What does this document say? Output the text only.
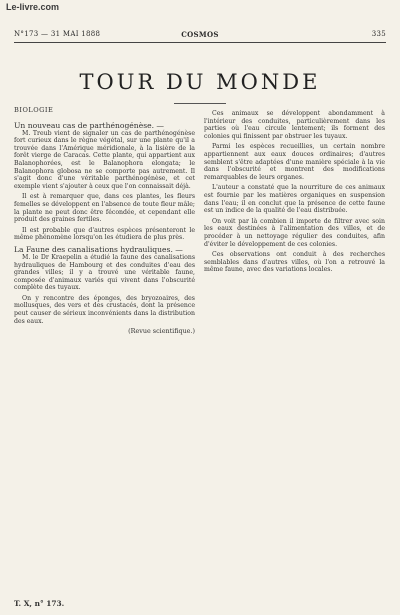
Le-livre.com
N°173 — 31 MAI 1888	COSMOS	335
TOUR DU MONDE
BIOLOGIE
Un nouveau cas de parthénogénèse. —

M. Treub vient de signaler un cas de parthénogénèse fort curieux dans le règne végétal, sur une plante qu'il a trouvée dans l'Amérique méridionale, à la lisière de la forêt vierge de Caracas. Cette plante, qui appartient aux Balanophorées, est le Balanophora elongata; le Balanophora globosa ne se comporte pas autrement. Il s'agit donc d'une véritable parthénogénèse, et cet exemple vient s'ajouter à ceux que l'on connaissait déjà.

Il est à remarquer que, dans ces plantes, les fleurs femelles se développent en l'absence de toute fleur mâle; la plante ne peut donc être fécondée, et cependant elle produit des graines fertiles.

Il est probable que d'autres espèces présenteront le même phénomène lorsqu'on les étudiera de plus près.

La Faune des canalisations hydrauliques. —

M. le Dr Kraepelin a étudié la faune des canalisations hydrauliques de Hambourg et des conduites d'eau des grandes villes; il y a trouvé une véritable faune, composée d'animaux variés qui vivent dans l'obscurité complète des tuyaux.

On y rencontre des éponges, des bryozoaires, des mollusques, des vers et des crustacés, dont la présence peut causer de sérieux inconvénients dans la distribution des eaux.

(Revue scientifique.)

Ces animaux se développent abondamment à l'intérieur des conduites, particulièrement dans les parties où l'eau circule lentement; ils forment des colonies qui finissent par obstruer les tuyaux.

Parmi les espèces recueillies, un certain nombre appartiennent aux eaux douces ordinaires; d'autres semblent s'être adaptées d'une manière spéciale à la vie dans l'obscurité et montrent des modifications remarquables de leurs organes.

L'auteur a constaté que la nourriture de ces animaux est fournie par les matières organiques en suspension dans l'eau; il en conclut que la présence de cette faune est un indice de la qualité de l'eau distribuée.

On voit par là combien il importe de filtrer avec soin les eaux destinées à l'alimentation des villes, et de procéder à un nettoyage régulier des conduites, afin d'éviter le développement de ces colonies.

Ces observations ont conduit à des recherches semblables dans d'autres villes, où l'on a retrouvé la même faune, avec des variations locales.

T. X, n° 173.
